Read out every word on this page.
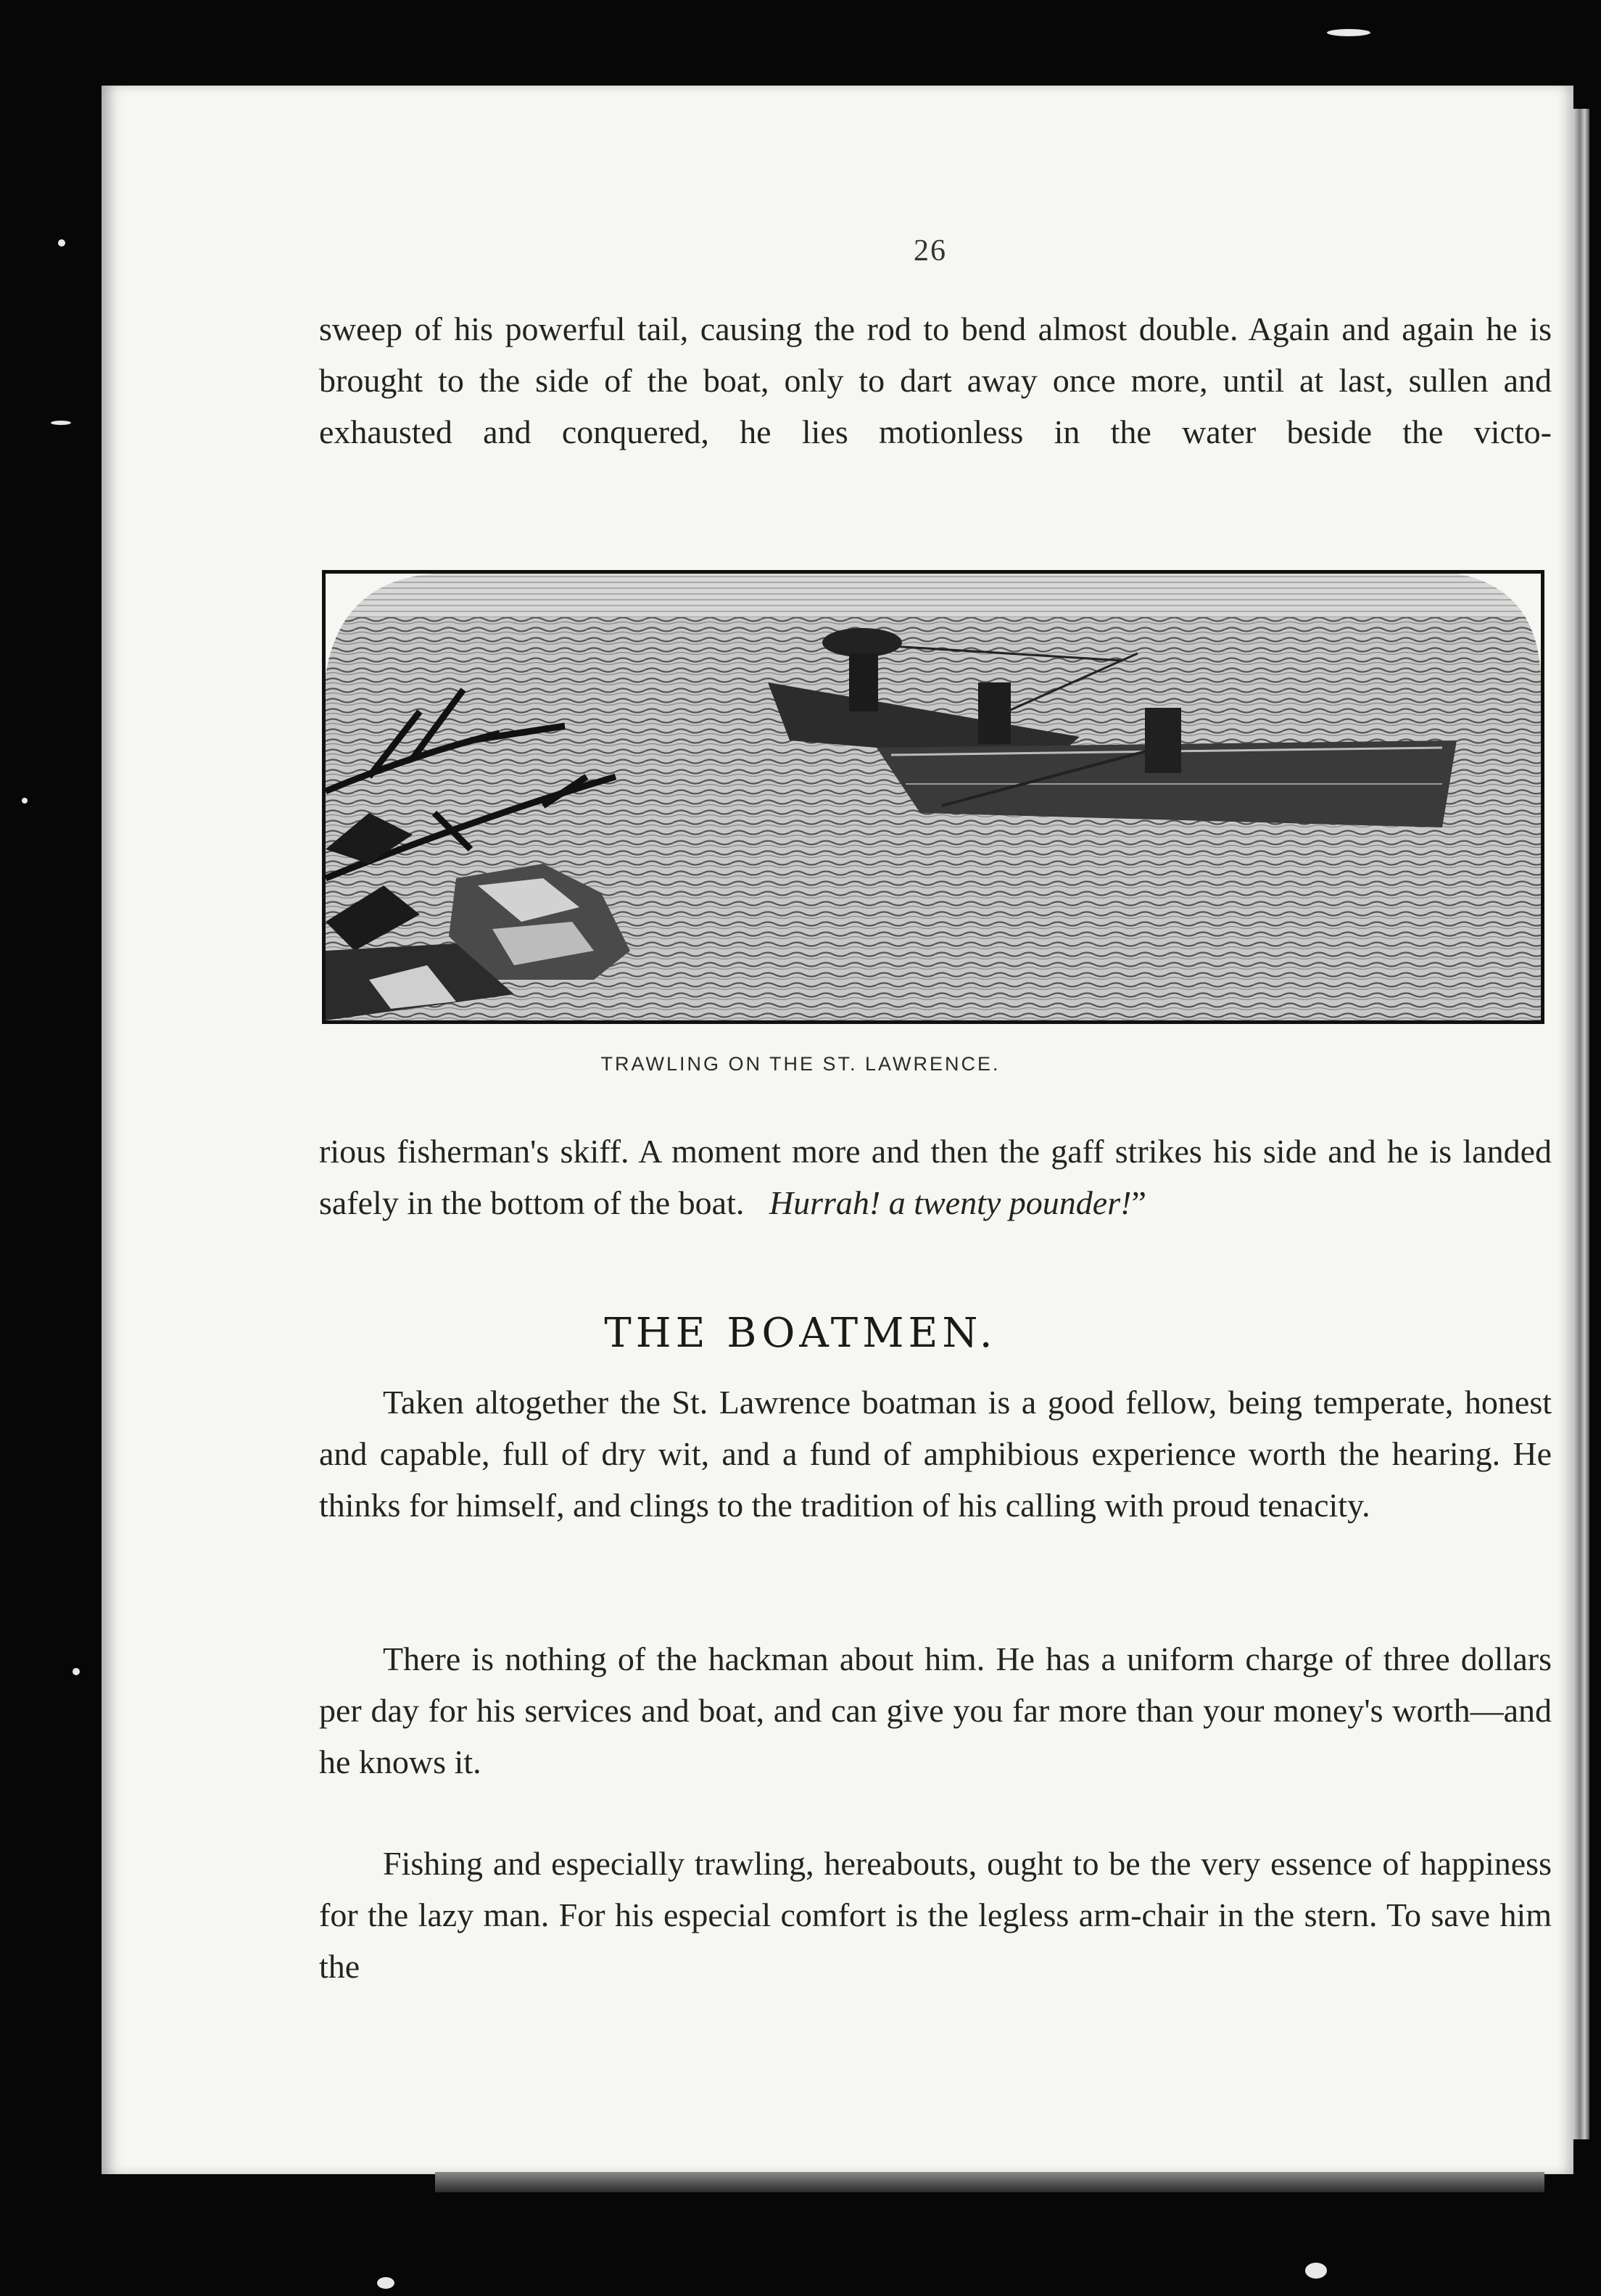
26

sweep of his powerful tail, causing the rod to bend almost double. Again and again he is brought to the side of the boat, only to dart away once more, until at last, sullen and exhausted and conquered, he lies motionless in the water beside the victo-

TRAWLING ON THE ST. LAWRENCE.

rious fisherman's skiff. A moment more and then the gaff strikes his side and he is landed safely in the bottom of the boat. Hurrah! a twenty pounder!”

THE BOATMEN.

Taken altogether the St. Lawrence boatman is a good fellow, being temperate, honest and capable, full of dry wit, and a fund of amphibious experience worth the hearing. He thinks for himself, and clings to the tradition of his calling with proud tenacity.

There is nothing of the hackman about him. He has a uniform charge of three dollars per day for his services and boat, and can give you far more than your money's worth—and he knows it.

Fishing and especially trawling, hereabouts, ought to be the very essence of happiness for the lazy man. For his especial comfort is the legless arm-chair in the stern. To save him the
